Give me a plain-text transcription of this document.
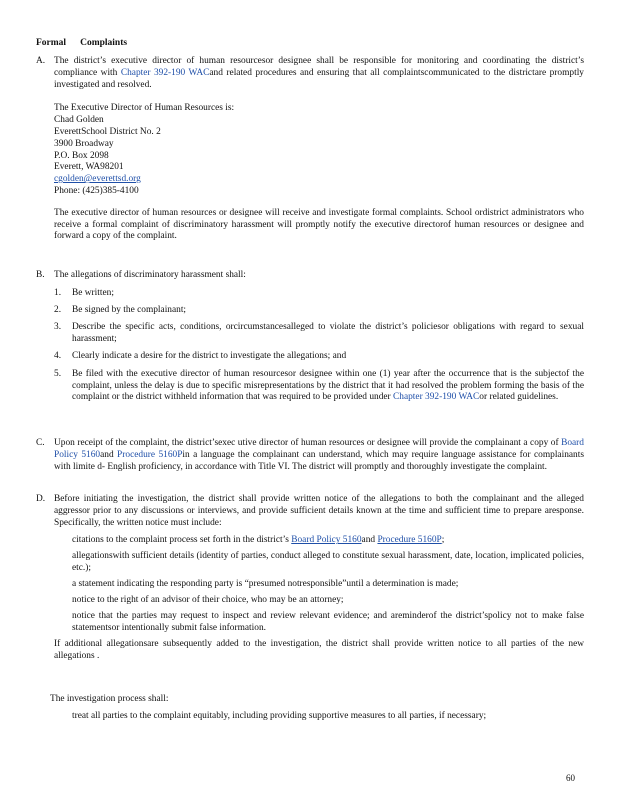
Formal Complaints
A. The district’s executive director of human resourcesor designee shall be responsible for monitoring and coordinating the district’s compliance with Chapter 392-190 WACand related procedures and ensuring that all complaintscommunicated to the districtare promptly investigated and resolved.

The Executive Director of Human Resources is:

Chad Golden

EverettSchool District No. 2

3900 Broadway

P.O. Box 2098

Everett, WA98201

cgolden@everettsd.org

Phone: (425)385-4100

The executive director of human resources or designee will receive and investigate formal complaints. School ordistrict administrators who receive a formal complaint of discriminatory harassment will promptly notify the executive directorof human resources or designee and forward a copy of the complaint.

B. The allegations of discriminatory harassment shall:

1. Be written;
2. Be signed by the complainant;
3. Describe the specific acts, conditions, orcircumstancesalleged to violate the district’s policiesor obligations with regard to sexual harassment;
4. Clearly indicate a desire for the district to investigate the allegations; and
5. Be filed with the executive director of human resourcesor designee within one (1) year after the occurrence that is the subjectof the complaint, unless the delay is due to specific misrepresentations by the district that it had resolved the problem forming the basis of the complaint or the district withheld information that was required to be provided under Chapter 392-190 WACor related guidelines.
C. Upon receipt of the complaint, the district’sexec utive director of human resources or designee will provide the complainant a copy of Board Policy 5160and Procedure 5160Pin a language the complainant can understand, which may require language assistance for complainants with limite d- English proficiency, in accordance with Title VI. The district will promptly and thoroughly investigate the complaint.

D. Before initiating the investigation, the district shall provide written notice of the allegations to both the complainant and the alleged aggressor prior to any discussions or interviews, and provide sufficient details known at the time and sufficient time to prepare aresponse. Specifically, the written notice must include:

citations to the complaint process set forth in the district’s Board Policy 5160and Procedure 5160P;
allegationswith sufficient details (identity of parties, conduct alleged to constitute sexual harassment, date, location, implicated policies, etc.);
a statement indicating the responding party is “presumed notresponsible”until a determination is made;
notice to the right of an advisor of their choice, who may be an attorney;
notice that the parties may request to inspect and review relevant evidence; and areminderof the district’spolicy not to make false statementsor intentionally submit false information.

If additional allegationsare subsequently added to the investigation, the district shall provide written notice to all parties of the new allegations .

The investigation process shall:

treat all parties to the complaint equitably, including providing supportive measures to all parties, if necessary;
60
